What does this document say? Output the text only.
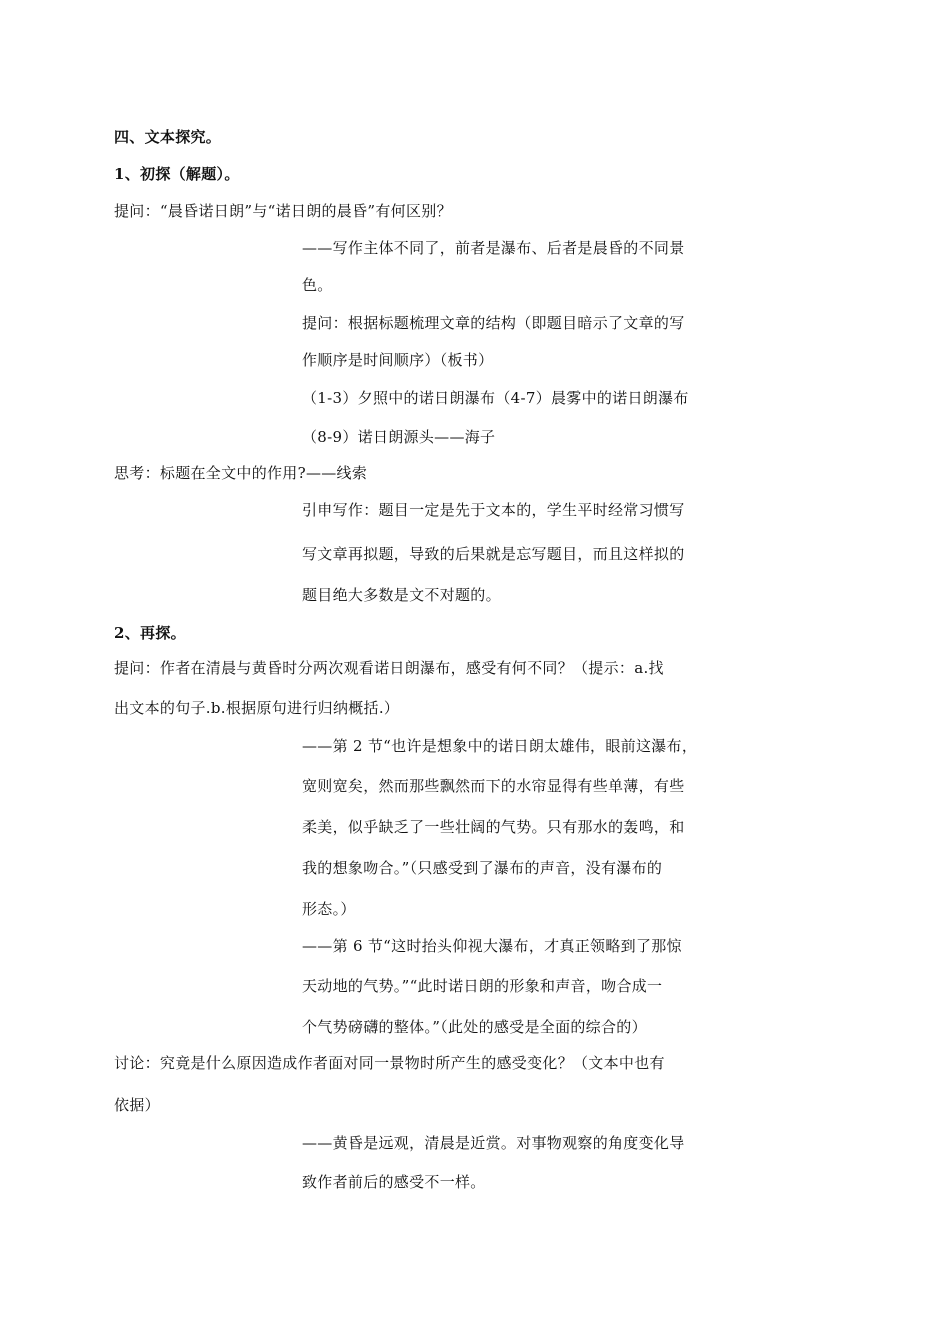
四、文本探究。
1、初探（解题）。
提问：“晨昏诺日朗”与“诺日朗的晨昏”有何区别？
——写作主体不同了，前者是瀑布、后者是晨昏的不同景
色。
提问：根据标题梳理文章的结构（即题目暗示了文章的写
作顺序是时间顺序）（板书）
（1-3）夕照中的诺日朗瀑布（4-7）晨雾中的诺日朗瀑布
（8-9）诺日朗源头——海子
思考：标题在全文中的作用?——线索
引申写作：题目一定是先于文本的，学生平时经常习惯写
写文章再拟题，导致的后果就是忘写题目，而且这样拟的
题目绝大多数是文不对题的。
2、再探。
提问：作者在清晨与黄昏时分两次观看诺日朗瀑布，感受有何不同？（提示：a.找
出文本的句子.b.根据原句进行归纳概括.）
——第 2 节“也许是想象中的诺日朗太雄伟，眼前这瀑布，
宽则宽矣，然而那些飘然而下的水帘显得有些单薄，有些
柔美，似乎缺乏了一些壮阔的气势。只有那水的轰鸣，和
我的想象吻合。”（只感受到了瀑布的声音，没有瀑布的
形态。）
——第 6 节“这时抬头仰视大瀑布，才真正领略到了那惊
天动地的气势。”“此时诺日朗的形象和声音，吻合成一
个气势磅礴的整体。”（此处的感受是全面的综合的）
讨论：究竟是什么原因造成作者面对同一景物时所产生的感受变化？（文本中也有
依据）
——黄昏是远观，清晨是近赏。对事物观察的角度变化导
致作者前后的感受不一样。
